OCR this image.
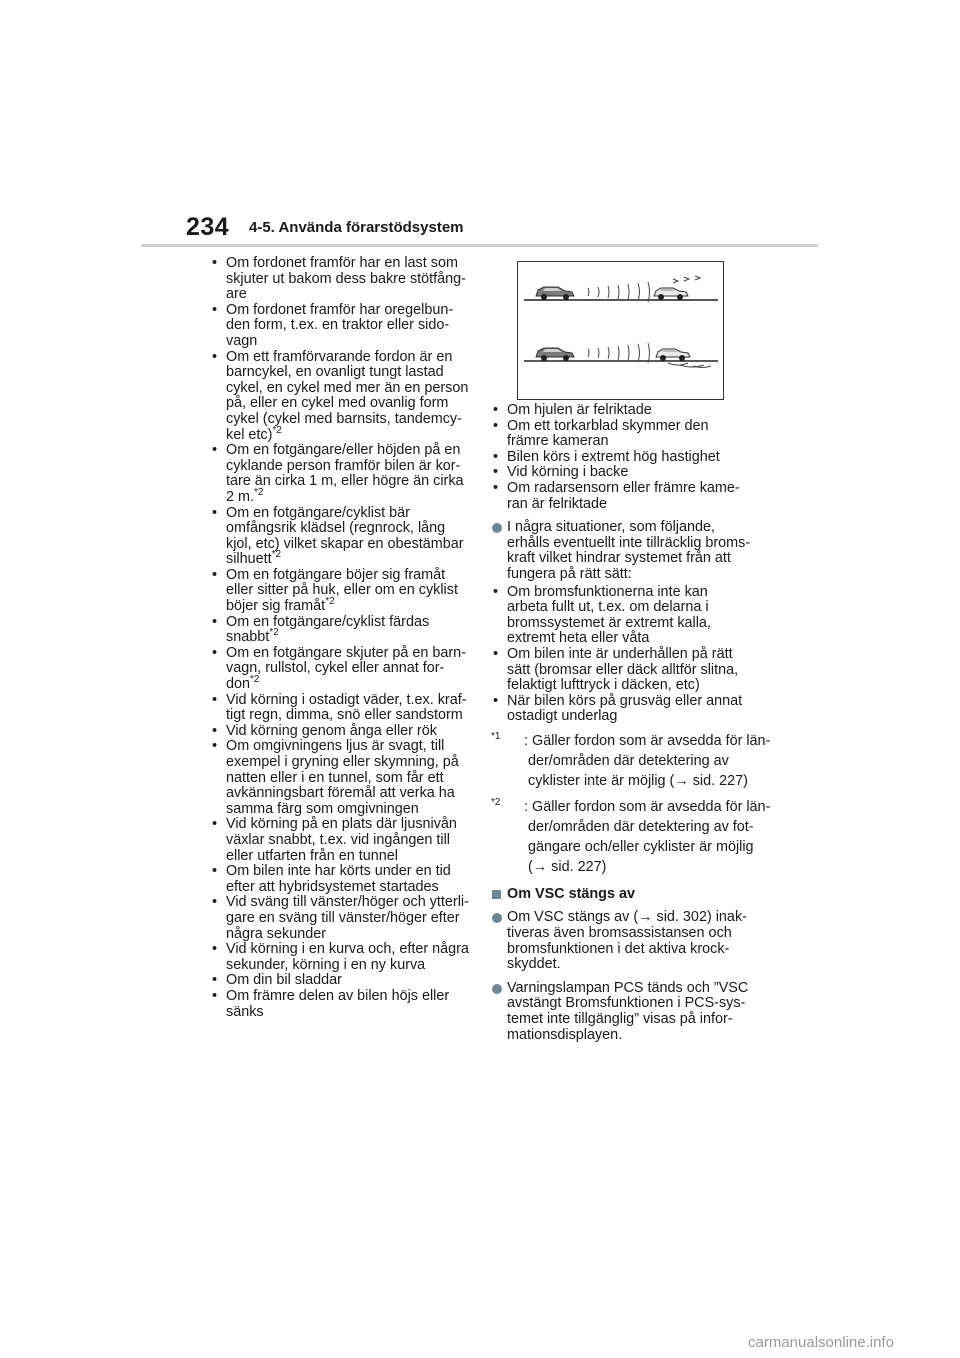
234 4-5. Använda förarstödsystem
• Om fordonet framför har en last som
skjuter ut bakom dess bakre stötfång-
are
• Om fordonet framför har oregelbun-
den form, t.ex. en traktor eller sido-
vagn
• Om ett framförvarande fordon är en
barncykel, en ovanligt tungt lastad
cykel, en cykel med mer än en person
på, eller en cykel med ovanlig form
cykel (cykel med barnsits, tandemcy-
kel etc)$^{*2}$
• Om en fotgängare/eller höjden på en
cyklande person framför bilen är kor-
tare än cirka 1 m, eller högre än cirka
2 m.$^{*2}$
• Om en fotgängare/cyklist bär
omfångsrik klädsel (regnrock, lång
kjol, etc) vilket skapar en obestämbar
silhuett$^{*2}$
• Om en fotgängare böjer sig framåt
eller sitter på huk, eller om en cyklist
böjer sig framåt$^{*2}$
• Om en fotgängare/cyklist färdas
snabbt$^{*2}$
• Om en fotgängare skjuter på en barn-
vagn, rullstol, cykel eller annat for-
don$^{*2}$
• Vid körning i ostadigt väder, t.ex. kraf-
tigt regn, dimma, snö eller sandstorm
• Vid körning genom ånga eller rök
• Om omgivningens ljus är svagt, till
exempel i gryning eller skymning, på
natten eller i en tunnel, som får ett
avkänningsbart föremål att verka ha
samma färg som omgivningen
• Vid körning på en plats där ljusnivån
växlar snabbt, t.ex. vid ingången till
eller utfarten från en tunnel
• Om bilen inte har körts under en tid
efter att hybridsystemet startades
• Vid sväng till vänster/höger och ytterli-
gare en sväng till vänster/höger efter
några sekunder
• Vid körning i en kurva och, efter några
sekunder, körning i en ny kurva
• Om din bil sladdar
• Om främre delen av bilen höjs eller
sänks
• Om hjulen är felriktade
• Om ett torkarblad skymmer den
främre kameran
• Bilen körs i extremt hög hastighet
• Vid körning i backe
• Om radarsensorn eller främre kame-
ran är felriktade
I några situationer, som följande,
erhålls eventuellt inte tillräcklig broms-
kraft vilket hindrar systemet från att
fungera på rätt sätt:
• Om bromsfunktionerna inte kan
arbeta fullt ut, t.ex. om delarna i
bromssystemet är extremt kalla,
extremt heta eller våta
• Om bilen inte är underhållen på rätt
sätt (bromsar eller däck alltför slitna,
felaktigt lufttryck i däcken, etc)
• När bilen körs på grusväg eller annat
ostadigt underlag
$^{*1}$	: Gäller fordon som är avsedda för län-
der/områden där detektering av
cyklister inte är möjlig (→ sid. 227)
$^{*2}$	: Gäller fordon som är avsedda för län-
der/områden där detektering av fot-
gängare och/eller cyklister är möjlig
(→ sid. 227)
Om VSC stängs av
Om VSC stängs av (→ sid. 302) inak-
tiveras även bromsassistansen och
bromsfunktionen i det aktiva krock-
skyddet.
Varningslampan PCS tänds och ”VSC
avstängt Bromsfunktionen i PCS-sys-
temet inte tillgänglig” visas på infor-
mationsdisplayen.
carmanualsonline.info
